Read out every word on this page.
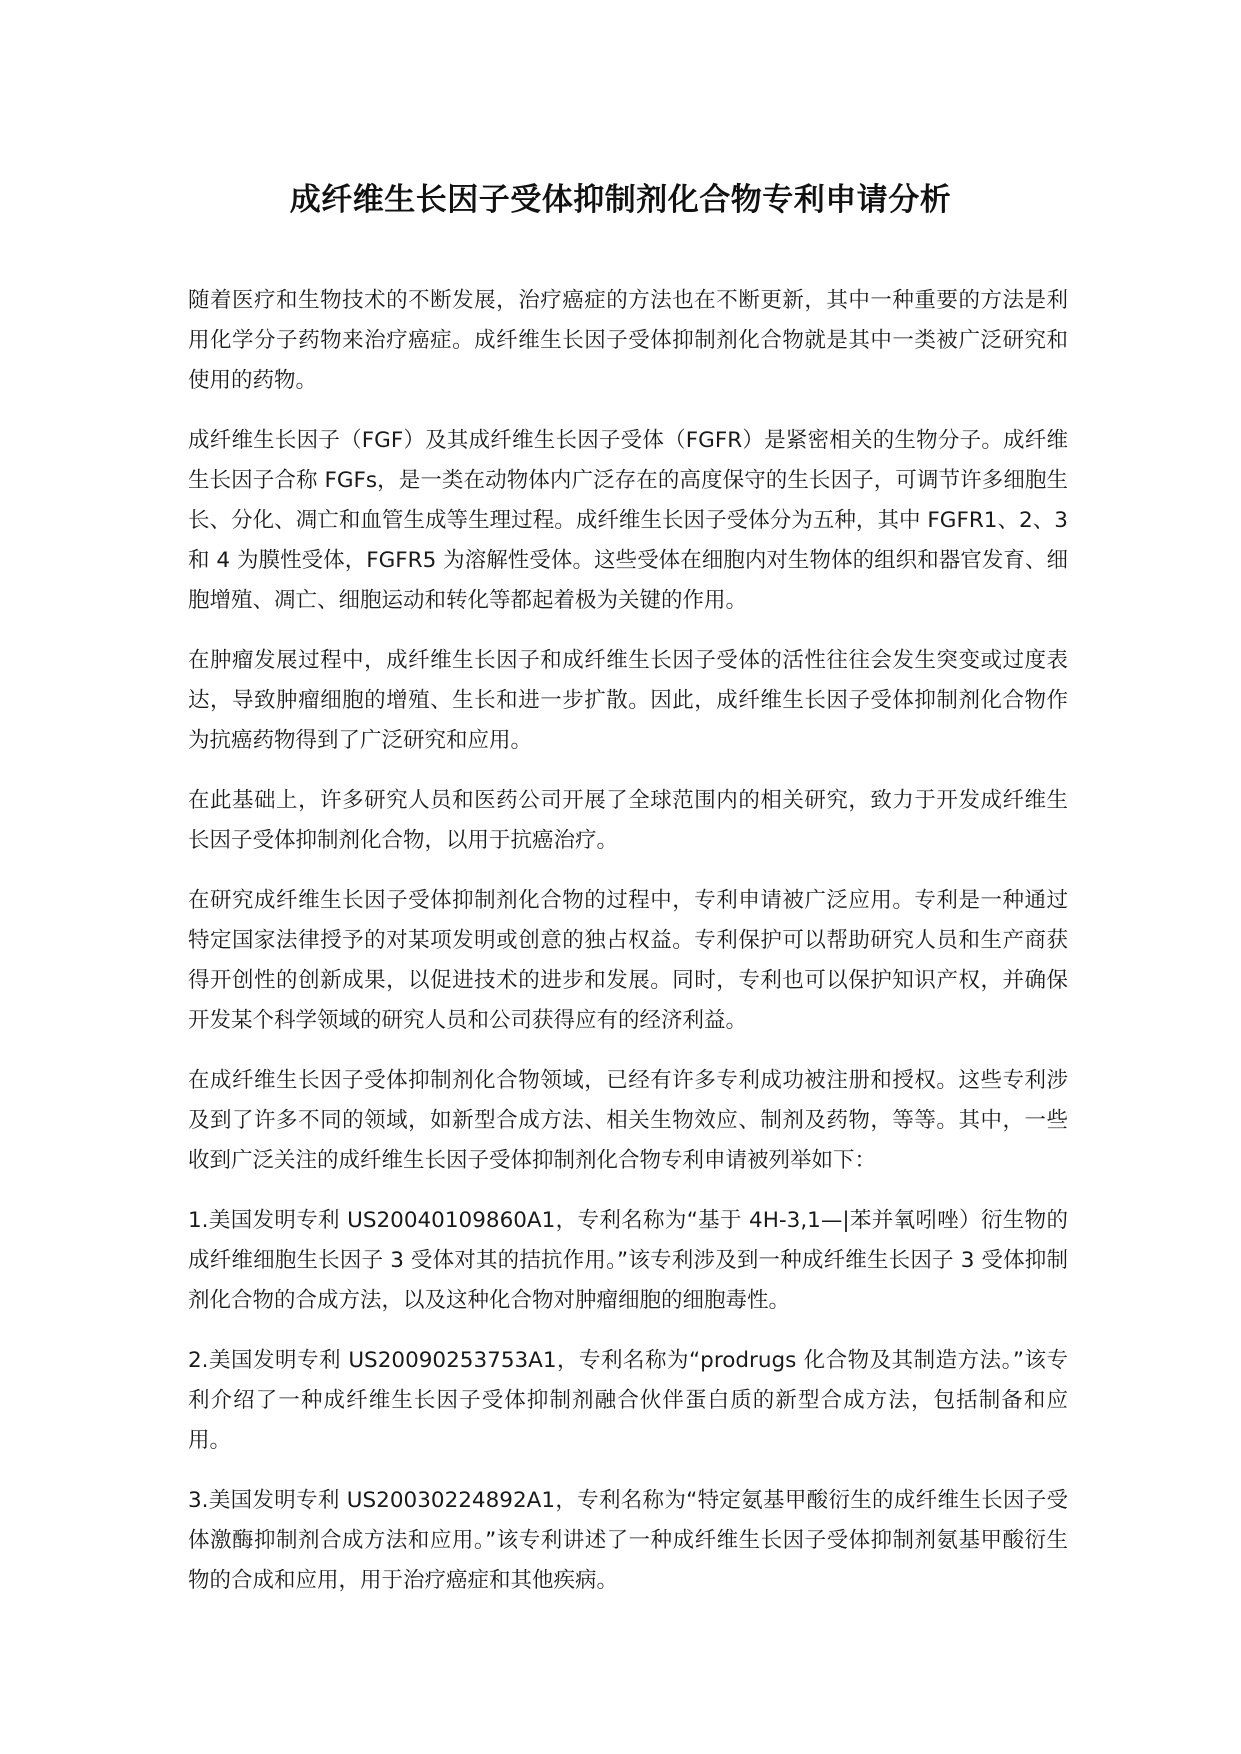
成纤维生长因子受体抑制剂化合物专利申请分析

随着医疗和生物技术的不断发展，治疗癌症的方法也在不断更新，其中一种重要的方法是利用化学分子药物来治疗癌症。成纤维生长因子受体抑制剂化合物就是其中一类被广泛研究和使用的药物。

成纤维生长因子（FGF）及其成纤维生长因子受体（FGFR）是紧密相关的生物分子。成纤维生长因子合称 FGFs，是一类在动物体内广泛存在的高度保守的生长因子，可调节许多细胞生长、分化、凋亡和血管生成等生理过程。成纤维生长因子受体分为五种，其中 FGFR1、2、3 和 4 为膜性受体，FGFR5 为溶解性受体。这些受体在细胞内对生物体的组织和器官发育、细胞增殖、凋亡、细胞运动和转化等都起着极为关键的作用。

在肿瘤发展过程中，成纤维生长因子和成纤维生长因子受体的活性往往会发生突变或过度表达，导致肿瘤细胞的增殖、生长和进一步扩散。因此，成纤维生长因子受体抑制剂化合物作为抗癌药物得到了广泛研究和应用。

在此基础上，许多研究人员和医药公司开展了全球范围内的相关研究，致力于开发成纤维生长因子受体抑制剂化合物，以用于抗癌治疗。

在研究成纤维生长因子受体抑制剂化合物的过程中，专利申请被广泛应用。专利是一种通过特定国家法律授予的对某项发明或创意的独占权益。专利保护可以帮助研究人员和生产商获得开创性的创新成果，以促进技术的进步和发展。同时，专利也可以保护知识产权，并确保开发某个科学领域的研究人员和公司获得应有的经济利益。

在成纤维生长因子受体抑制剂化合物领域，已经有许多专利成功被注册和授权。这些专利涉及到了许多不同的领域，如新型合成方法、相关生物效应、制剂及药物，等等。其中，一些收到广泛关注的成纤维生长因子受体抑制剂化合物专利申请被列举如下：

1.美国发明专利 US20040109860A1，专利名称为“基于 4H-3,1—|苯并氧吲唑）衍生物的成纤维细胞生长因子 3 受体对其的拮抗作用。”该专利涉及到一种成纤维生长因子 3 受体抑制剂化合物的合成方法，以及这种化合物对肿瘤细胞的细胞毒性。

2.美国发明专利 US20090253753A1，专利名称为“prodrugs 化合物及其制造方法。”该专利介绍了一种成纤维生长因子受体抑制剂融合伙伴蛋白质的新型合成方法，包括制备和应用。

3.美国发明专利 US20030224892A1，专利名称为“特定氨基甲酸衍生的成纤维生长因子受体激酶抑制剂合成方法和应用。”该专利讲述了一种成纤维生长因子受体抑制剂氨基甲酸衍生物的合成和应用，用于治疗癌症和其他疾病。
